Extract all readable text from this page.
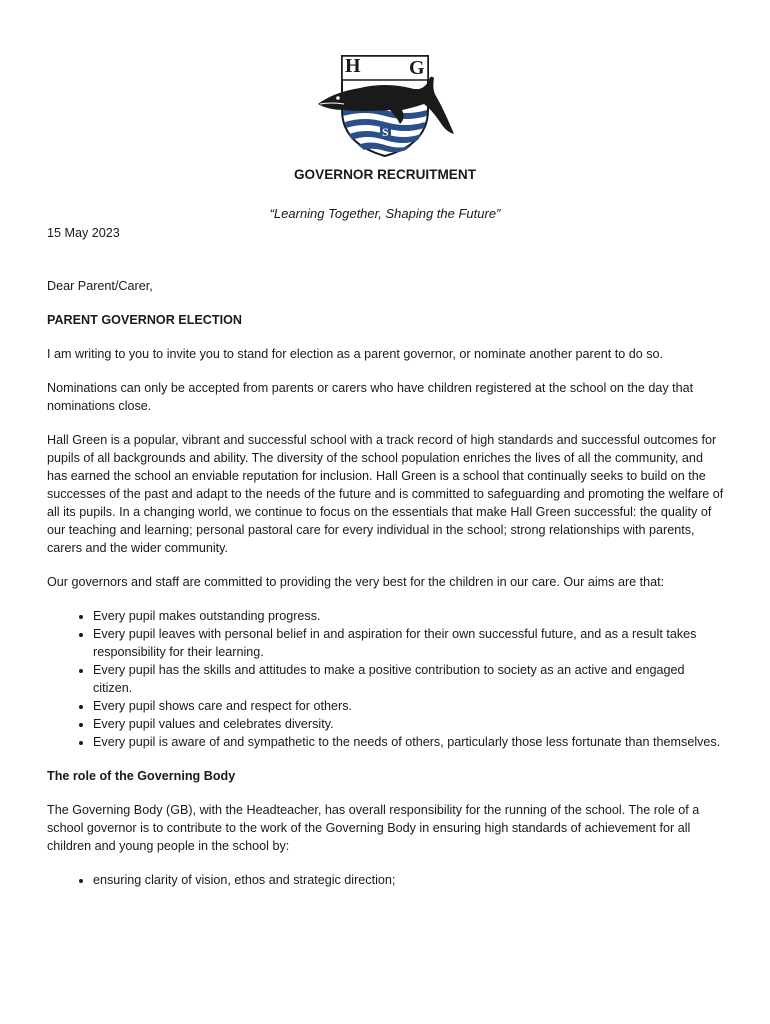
H G
S
GOVERNOR RECRUITMENT
“Learning Together, Shaping the Future”
15 May 2023

Dear Parent/Carer,

PARENT GOVERNOR ELECTION

I am writing to you to invite you to stand for election as a parent governor, or nominate another parent to do so.

Nominations can only be accepted from parents or carers who have children registered at the school on the day that nominations close.

Hall Green is a popular, vibrant and successful school with a track record of high standards and successful outcomes for pupils of all backgrounds and ability. The diversity of the school population enriches the lives of all the community, and has earned the school an enviable reputation for inclusion. Hall Green is a school that continually seeks to build on the successes of the past and adapt to the needs of the future and is committed to safeguarding and promoting the welfare of all its pupils. In a changing world, we continue to focus on the essentials that make Hall Green successful: the quality of our teaching and learning; personal pastoral care for every individual in the school; strong relationships with parents, carers and the wider community.

Our governors and staff are committed to providing the very best for the children in our care. Our aims are that:

• Every pupil makes outstanding progress.
• Every pupil leaves with personal belief in and aspiration for their own successful future, and as a result takes responsibility for their learning.
• Every pupil has the skills and attitudes to make a positive contribution to society as an active and engaged citizen.
• Every pupil shows care and respect for others.
• Every pupil values and celebrates diversity.
• Every pupil is aware of and sympathetic to the needs of others, particularly those less fortunate than themselves.

The role of the Governing Body

The Governing Body (GB), with the Headteacher, has overall responsibility for the running of the school. The role of a school governor is to contribute to the work of the Governing Body in ensuring high standards of achievement for all children and young people in the school by:

• ensuring clarity of vision, ethos and strategic direction;
